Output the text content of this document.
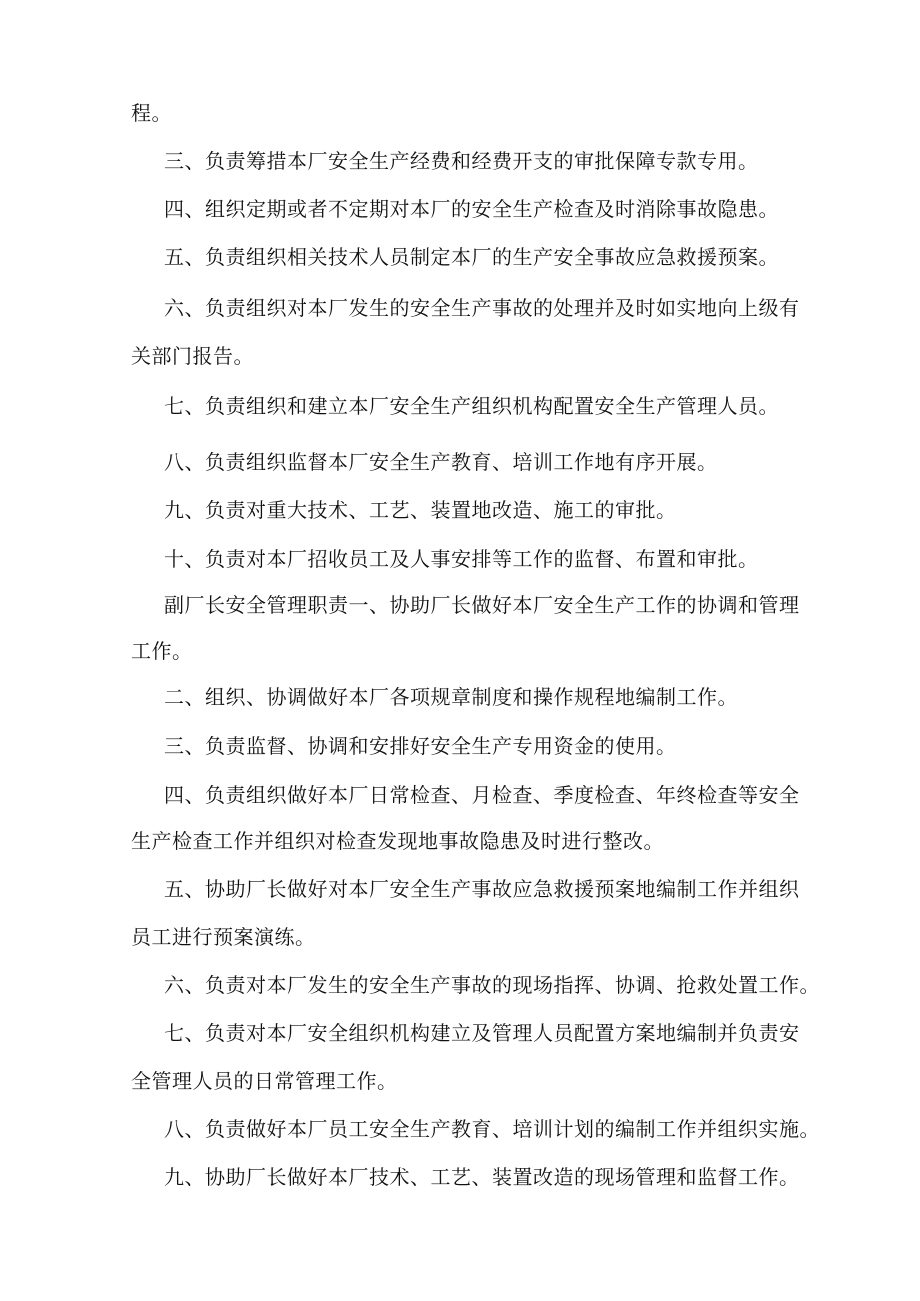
程。
三、负责筹措本厂安全生产经费和经费开支的审批保障专款专用。
四、组织定期或者不定期对本厂的安全生产检查及时消除事故隐患。
五、负责组织相关技术人员制定本厂的生产安全事故应急救援预案。
六、负责组织对本厂发生的安全生产事故的处理并及时如实地向上级有
关部门报告。
七、负责组织和建立本厂安全生产组织机构配置安全生产管理人员。
八、负责组织监督本厂安全生产教育、培训工作地有序开展。
九、负责对重大技术、工艺、装置地改造、施工的审批。
十、负责对本厂招收员工及人事安排等工作的监督、布置和审批。
副厂长安全管理职责一、协助厂长做好本厂安全生产工作的协调和管理
工作。
二、组织、协调做好本厂各项规章制度和操作规程地编制工作。
三、负责监督、协调和安排好安全生产专用资金的使用。
四、负责组织做好本厂日常检查、月检查、季度检查、年终检查等安全
生产检查工作并组织对检查发现地事故隐患及时进行整改。
五、协助厂长做好对本厂安全生产事故应急救援预案地编制工作并组织
员工进行预案演练。
六、负责对本厂发生的安全生产事故的现场指挥、协调、抢救处置工作。
七、负责对本厂安全组织机构建立及管理人员配置方案地编制并负责安
全管理人员的日常管理工作。
八、负责做好本厂员工安全生产教育、培训计划的编制工作并组织实施。
九、协助厂长做好本厂技术、工艺、装置改造的现场管理和监督工作。
